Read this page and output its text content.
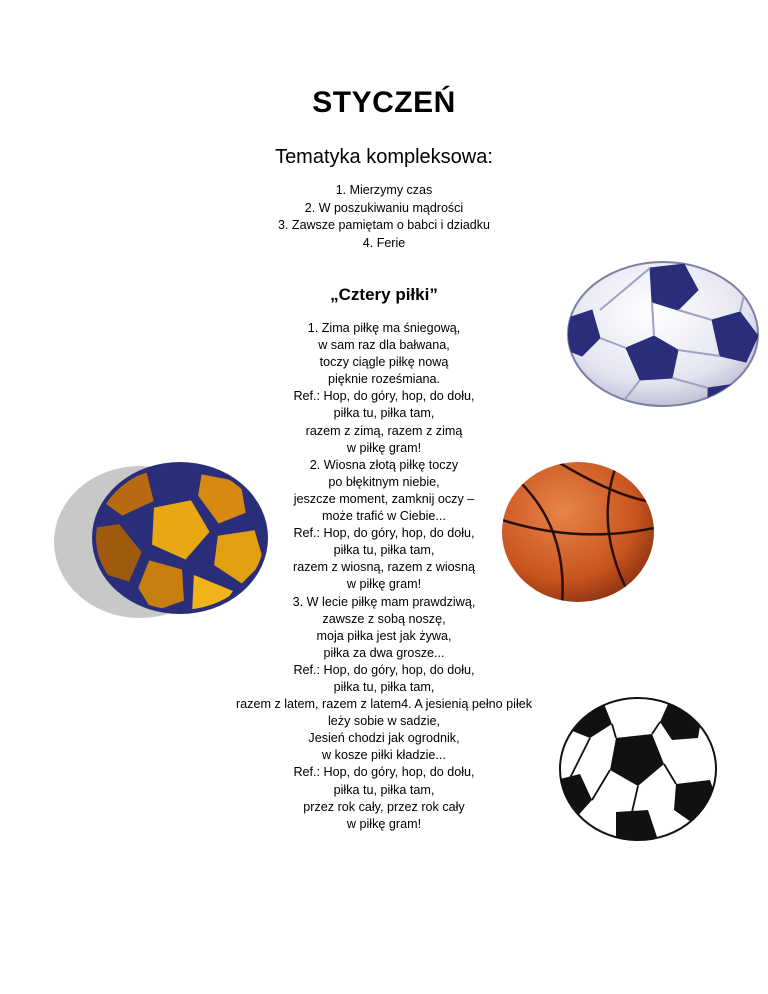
STYCZEŃ
Tematyka kompleksowa:
1. Mierzymy czas
2. W poszukiwaniu mądrości
3. Zawsze pamiętam o babci i dziadku
4. Ferie
„Cztery piłki”
1. Zima piłkę ma śniegową,
w sam raz dla bałwana,
toczy ciągle piłkę nową
pięknie roześmiana.
Ref.: Hop, do góry, hop, do dołu,
piłka tu, piłka tam,
razem z zimą, razem z zimą
w piłkę gram!
2. Wiosna złotą piłkę toczy
po błękitnym niebie,
jeszcze moment, zamknij oczy –
może trafić w Ciebie...
Ref.: Hop, do góry, hop, do dołu,
piłka tu, piłka tam,
razem z wiosną, razem z wiosną
w piłkę gram!
3. W lecie piłkę mam prawdziwą,
zawsze z sobą noszę,
moja piłka jest jak żywa,
piłka za dwa grosze...
Ref.: Hop, do góry, hop, do dołu,
piłka tu, piłka tam,
razem z latem, razem z latem4. A jesienią pełno piłek
leży sobie w sadzie,
Jesień chodzi jak ogrodnik,
w kosze piłki kładzie...
Ref.: Hop, do góry, hop, do dołu,
piłka tu, piłka tam,
przez rok cały, przez rok cały
w piłkę gram!
